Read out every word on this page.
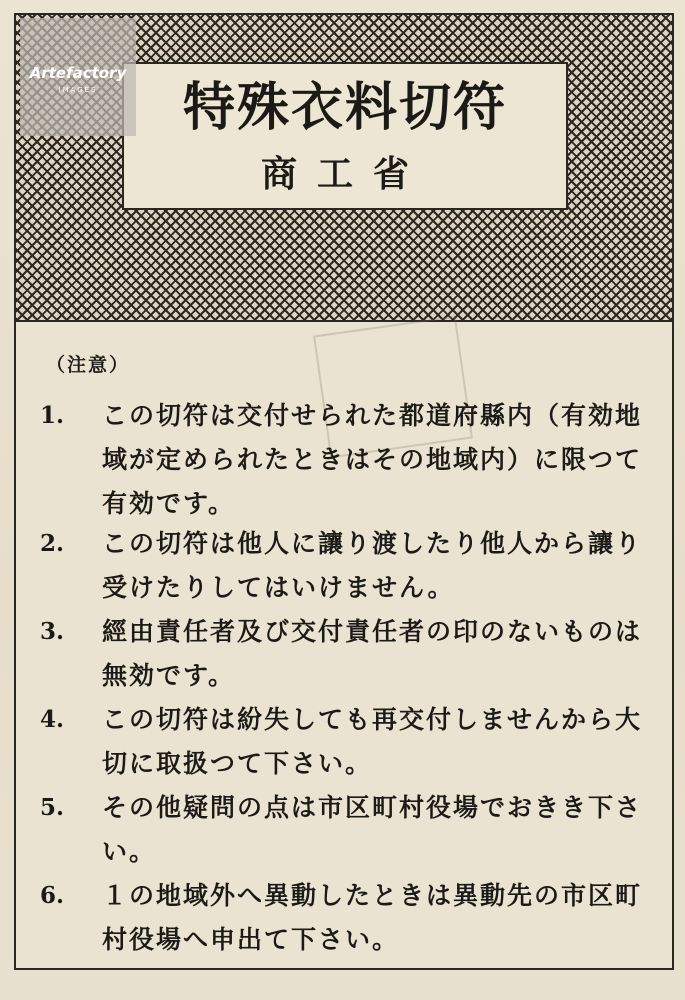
特殊衣料切符
商工省
（注意）
1.	この切符は交付せられた都道府縣内（有効地域が定められたときはその地域内）に限つて有効です。
2.	この切符は他人に讓り渡したり他人から讓り受けたりしてはいけません。
3.	經由責任者及び交付責任者の印のないものは無効です。
4.	この切符は紛失しても再交付しませんから大切に取扱つて下さい。
5.	その他疑問の点は市区町村役場でおきき下さい。
6.	１の地域外へ異動したときは異動先の市区町村役場へ申出て下さい。
Artefactory
IMAGES
